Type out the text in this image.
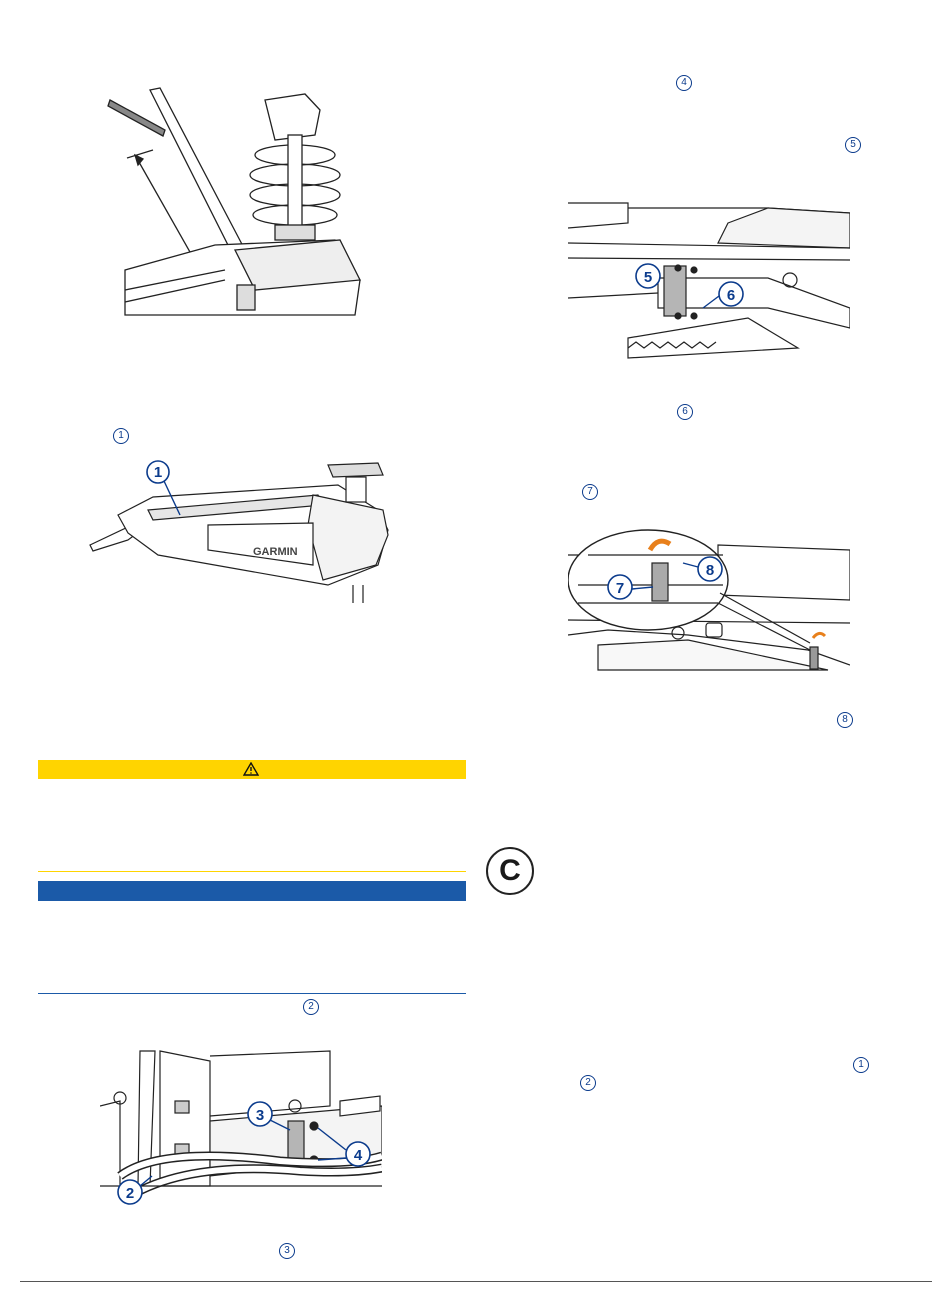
4
5
6
1
7
8
2
1
2
3
GARMIN
1
5
6
8
7
C
3
4
2
